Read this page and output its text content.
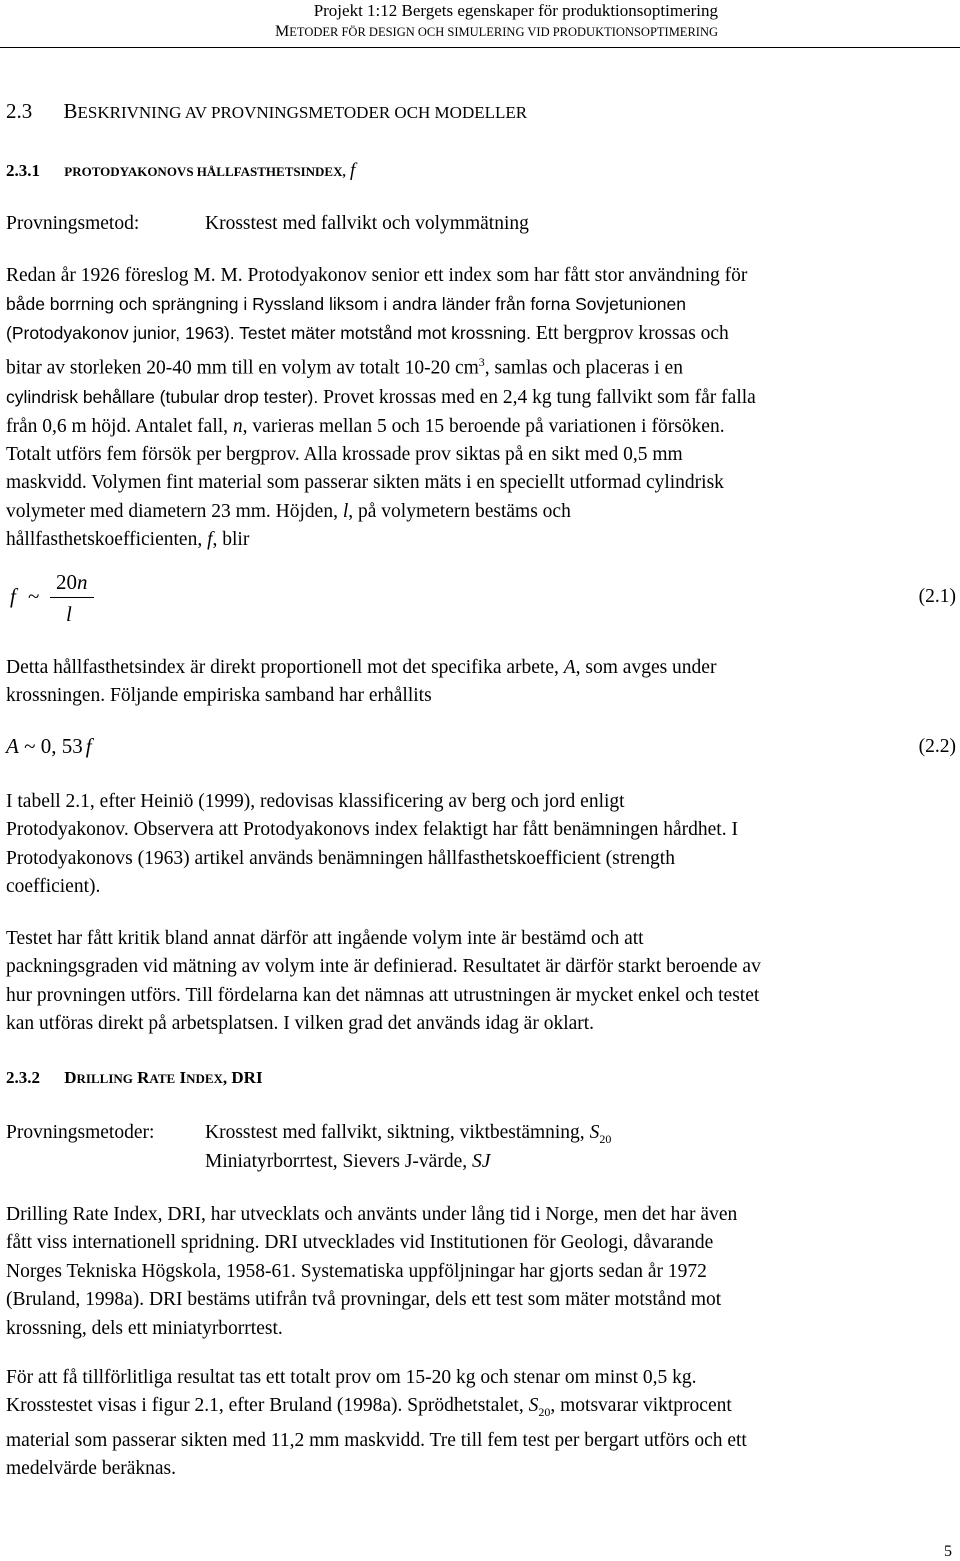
Projekt 1:12 Bergets egenskaper för produktionsoptimering
METODER FÖR DESIGN OCH SIMULERING VID PRODUKTIONSOPTIMERING
2.3 BESKRIVNING AV PROVNINGSMETODER OCH MODELLER
2.3.1 PROTODYAKONOVS HÅLLFASTHETSINDEX, f
Provningsmetod:	Krosstest med fallvikt och volymmätning
Redan år 1926 föreslog M. M. Protodyakonov senior ett index som har fått stor användning för
både borrning och sprängning i Ryssland liksom i andra länder från forna Sovjetunionen
(Protodyakonov junior, 1963). Testet mäter motstånd mot krossning. Ett bergprov krossas och
bitar av storleken 20-40 mm till en volym av totalt 10-20 $cm^3$, samlas och placeras i en
cylindrisk behållare (tubular drop tester). Provet krossas med en 2,4 kg tung fallvikt som får falla
från 0,6 m höjd. Antalet fall, n, varieras mellan 5 och 15 beroende på variationen i försöken.
Totalt utförs fem försök per bergprov. Alla krossade prov siktas på en sikt med 0,5 mm
maskvidd. Volymen fint material som passerar sikten mäts i en speciellt utformad cylindrisk
volymeter med diametern 23 mm. Höjden, l, på volymetern bestäms och
hållfasthetskoefficienten, f, blir
f ~
20n
l
(2.1)
Detta hållfasthetsindex är direkt proportionell mot det specifika arbete, A, som avges under
krossningen. Följande empiriska samband har erhållits
A ~ 0, 53 f	(2.2)
I tabell 2.1, efter Heiniö (1999), redovisas klassificering av berg och jord enligt
Protodyakonov. Observera att Protodyakonovs index felaktigt har fått benämningen hårdhet. I
Protodyakonovs (1963) artikel används benämningen hållfasthetskoefficient (strength
coefficient).
Testet har fått kritik bland annat därför att ingående volym inte är bestämd och att
packningsgraden vid mätning av volym inte är definierad. Resultatet är därför starkt beroende av
hur provningen utförs. Till fördelarna kan det nämnas att utrustningen är mycket enkel och testet
kan utföras direkt på arbetsplatsen. I vilken grad det används idag är oklart.
2.3.2 DRILLING RATE INDEX, DRI
Provningsmetoder:	Krosstest med fallvikt, siktning, viktbestämning, $S_{20}$
Miniatyrborrtest, Sievers J-värde, SJ
Drilling Rate Index, DRI, har utvecklats och använts under lång tid i Norge, men det har även
fått viss internationell spridning. DRI utvecklades vid Institutionen för Geologi, dåvarande
Norges Tekniska Högskola, 1958-61. Systematiska uppföljningar har gjorts sedan år 1972
(Bruland, 1998a). DRI bestäms utifrån två provningar, dels ett test som mäter motstånd mot
krossning, dels ett miniatyrborrtest.
För att få tillförlitliga resultat tas ett totalt prov om 15-20 kg och stenar om minst 0,5 kg.
Krosstestet visas i figur 2.1, efter Bruland (1998a). Sprödhetstalet, $S_{20}$, motsvarar viktprocent
material som passerar sikten med 11,2 mm maskvidd. Tre till fem test per bergart utförs och ett
medelvärde beräknas.
5
